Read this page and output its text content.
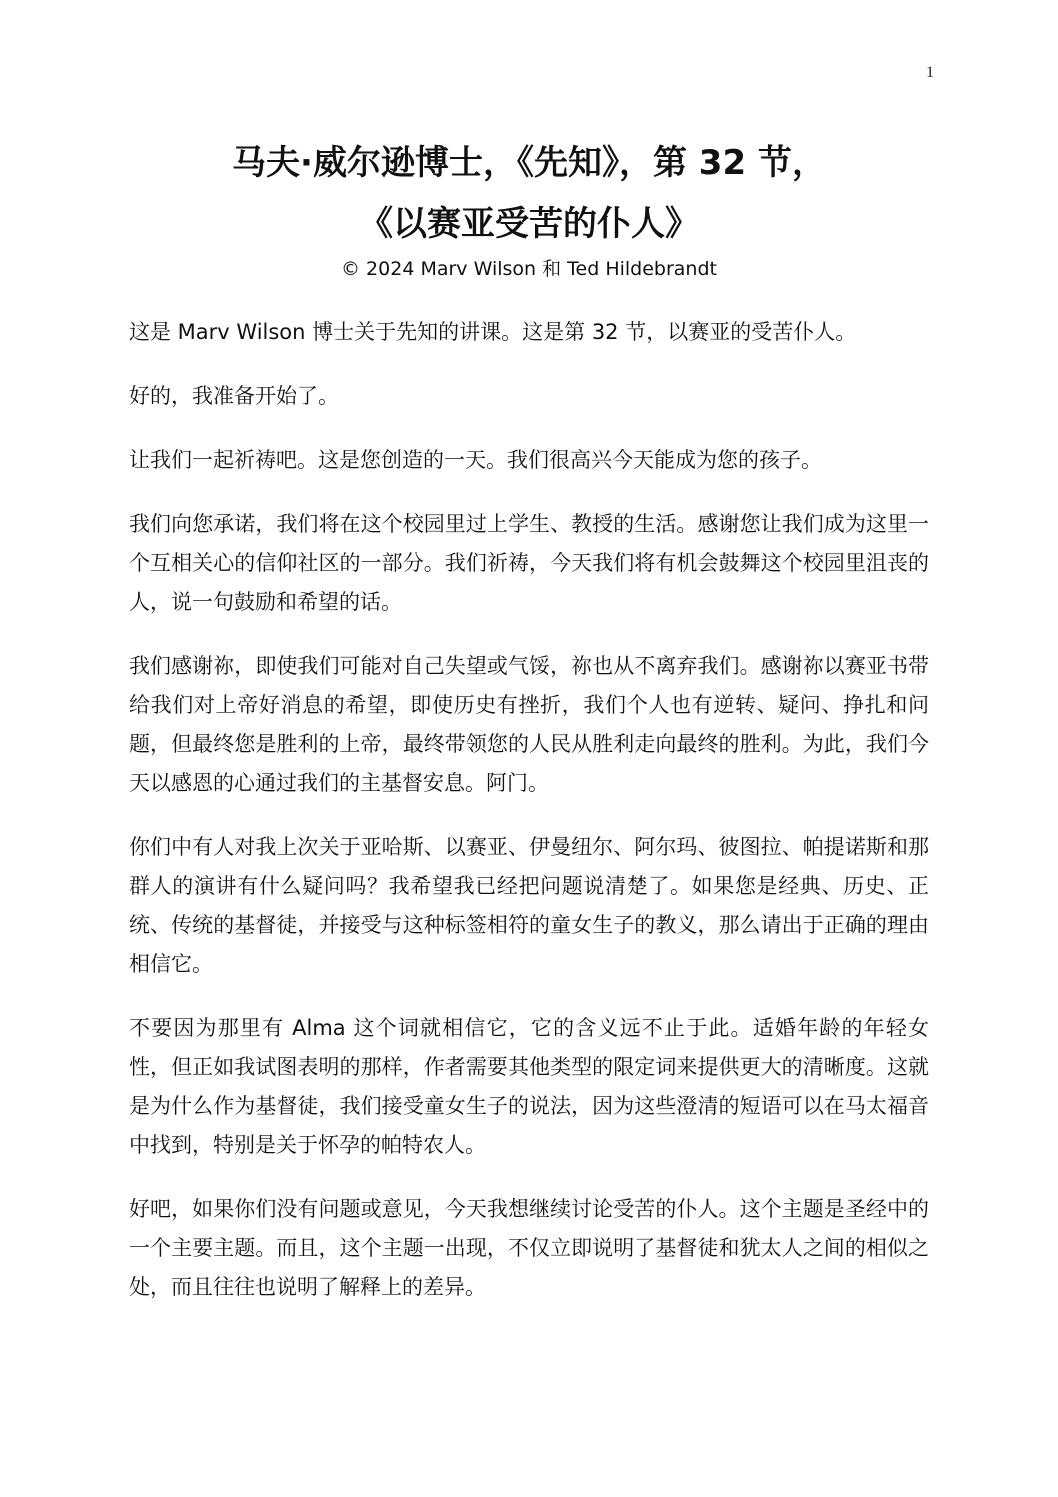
1
马夫·威尔逊博士，《先知》，第 32 节，
《以赛亚受苦的仆人》
© 2024 Marv Wilson 和 Ted Hildebrandt

这是 Marv Wilson 博士关于先知的讲课。这是第 32 节，以赛亚的受苦仆人。

好的，我准备开始了。

让我们一起祈祷吧。这是您创造的一天。我们很高兴今天能成为您的孩子。

我们向您承诺，我们将在这个校园里过上学生、教授的生活。感谢您让我们成为这里一个互相关心的信仰社区的一部分。我们祈祷，今天我们将有机会鼓舞这个校园里沮丧的人，说一句鼓励和希望的话。

我们感谢祢，即使我们可能对自己失望或气馁，祢也从不离弃我们。感谢祢以赛亚书带给我们对上帝好消息的希望，即使历史有挫折，我们个人也有逆转、疑问、挣扎和问题，但最终您是胜利的上帝，最终带领您的人民从胜利走向最终的胜利。为此，我们今天以感恩的心通过我们的主基督安息。阿门。

你们中有人对我上次关于亚哈斯、以赛亚、伊曼纽尔、阿尔玛、彼图拉、帕提诺斯和那群人的演讲有什么疑问吗？我希望我已经把问题说清楚了。如果您是经典、历史、正统、传统的基督徒，并接受与这种标签相符的童女生子的教义，那么请出于正确的理由相信它。

不要因为那里有 Alma 这个词就相信它，它的含义远不止于此。适婚年龄的年轻女性，但正如我试图表明的那样，作者需要其他类型的限定词来提供更大的清晰度。这就是为什么作为基督徒，我们接受童女生子的说法，因为这些澄清的短语可以在马太福音中找到，特别是关于怀孕的帕特农人。

好吧，如果你们没有问题或意见，今天我想继续讨论受苦的仆人。这个主题是圣经中的一个主要主题。而且，这个主题一出现，不仅立即说明了基督徒和犹太人之间的相似之处，而且往往也说明了解释上的差异。
